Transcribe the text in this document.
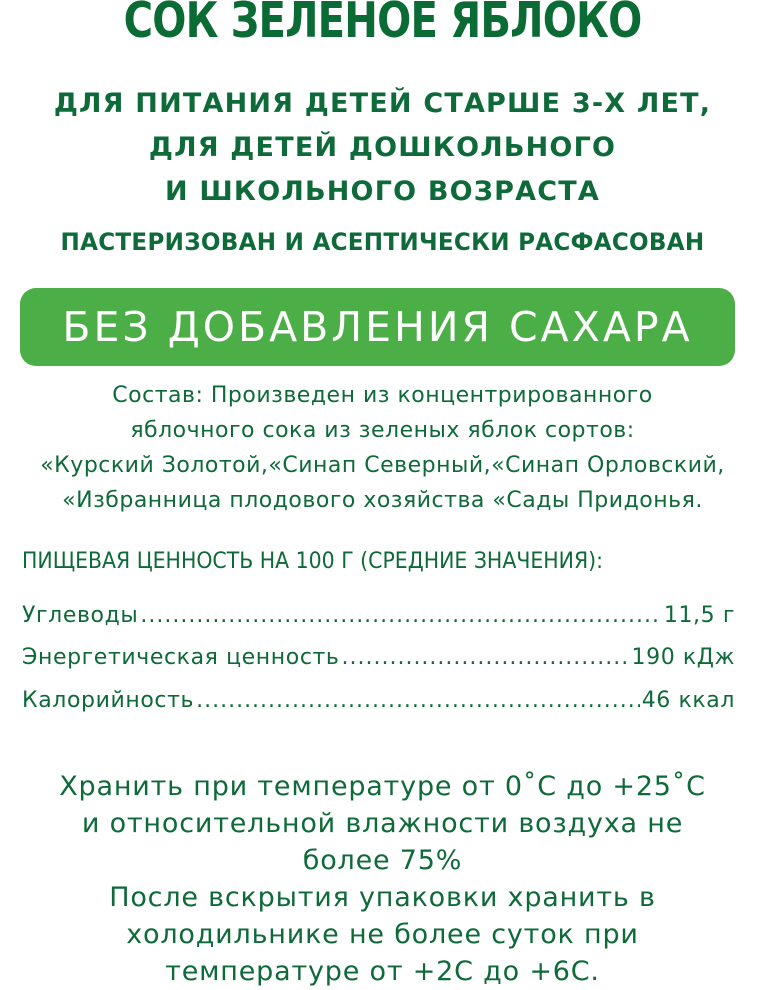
СОК ЗЕЛЕНОЕ ЯБЛОКО
ДЛЯ ПИТАНИЯ ДЕТЕЙ СТАРШЕ 3-Х ЛЕТ,
ДЛЯ ДЕТЕЙ ДОШКОЛЬНОГО
И ШКОЛЬНОГО ВОЗРАСТА
ПАСТЕРИЗОВАН И АСЕПТИЧЕСКИ РАСФАСОВАН
БЕЗ ДОБАВЛЕНИЯ САХАРА
Состав: Произведен из концентрированного
яблочного сока из зеленых яблок сортов:
«Курский Золотой,«Синап Северный,«Синап Орловский,
«Избранница плодового хозяйства «Сады Придонья.
ПИЩЕВАЯ ЦЕННОСТЬ НА 100 Г (СРЕДНИЕ ЗНАЧЕНИЯ):
Углеводы .....	11,5 г
Энергетическая ценность .....	190 кДж
Калорийность .....	46 ккал
Хранить при температуре от 0˚С до +25˚С
и относительной влажности воздуха не
более 75%
После вскрытия упаковки хранить в
холодильнике не более суток при
температуре от +2С до +6С.
